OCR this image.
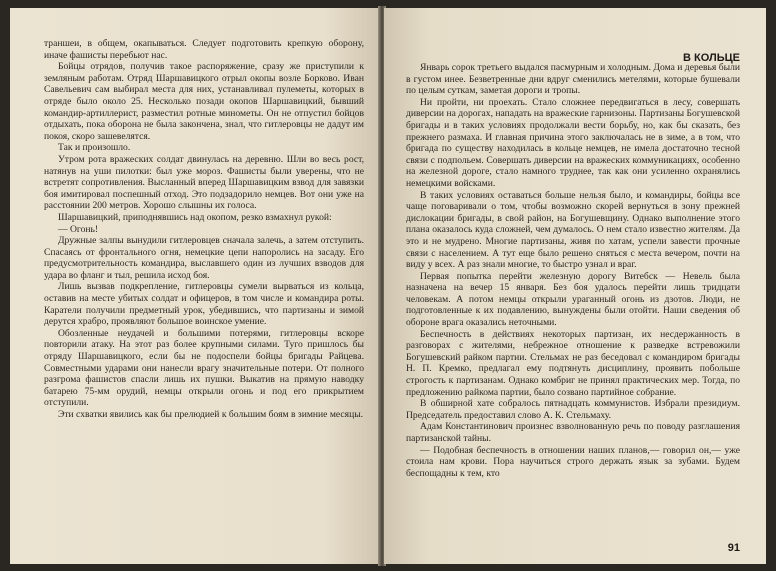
траншеи, в общем, окапываться. Следует подготовить крепкую оборону, иначе фашисты перебьют нас.

Бойцы отрядов, получив такое распоряжение, сразу же приступили к земляным работам. Отряд Шаршавицкого отрыл окопы возле Борково. Иван Савельевич сам выбирал места для них, устанавливал пулеметы, которых в отряде было около 25. Несколько позади окопов Шаршавицкий, бывший командир-артиллерист, разместил ротные минометы. Он не отпустил бойцов отдыхать, пока оборона не была закончена, знал, что гитлеровцы не дадут им покоя, скоро зашевелятся.

Так и произошло.

Утром рота вражеских солдат двинулась на деревню. Шли во весь рост, натянув на уши пилотки: был уже мороз. Фашисты были уверены, что не встретят сопротивления. Высланный вперед Шаршавицким взвод для завязки боя имитировал поспешный отход. Это подзадорило немцев. Вот они уже на расстоянии 200 метров. Хорошо слышны их голоса.

Шаршавицкий, приподнявшись над окопом, резко взмахнул рукой:

— Огонь!

Дружные залпы вынудили гитлеровцев сначала залечь, а затем отступить. Спасаясь от фронтального огня, немецкие цепи напоролись на засаду. Его предусмотрительность командира, выславшего один из лучших взводов для удара во фланг и тыл, решила исход боя.

Лишь вызвав подкрепление, гитлеровцы сумели вырваться из кольца, оставив на месте убитых солдат и офицеров, в том числе и командира роты. Каратели получили предметный урок, убедившись, что партизаны и зимой дерутся храбро, проявляют большое воинское умение.

Обозленные неудачей и большими потерями, гитлеровцы вскоре повторили атаку. На этот раз более крупными силами. Туго пришлось бы отряду Шаршавицкого, если бы не подоспели бойцы бригады Райцева. Совместными ударами они нанесли врагу значительные потери. От полного разгрома фашистов спасли лишь их пушки. Выкатив на прямую наводку батарею 75-мм орудий, немцы открыли огонь и под его прикрытием отступили.

Эти схватки явились как бы прелюдией к большим боям в зимние месяцы.

В КОЛЬЦЕ

Январь сорок третьего выдался пасмурным и холодным. Дома и деревья были в густом инее. Безветренные дни вдруг сменились метелями, которые бушевали по целым суткам, заметая дороги и тропы.

Ни пройти, ни проехать. Стало сложнее передвигаться в лесу, совершать диверсии на дорогах, нападать на вражеские гарнизоны. Партизаны Богушевской бригады и в таких условиях продолжали вести борьбу, но, как бы сказать, без прежнего размаха. И главная причина этого заключалась не в зиме, а в том, что бригада по существу находилась в кольце немцев, не имела достаточно тесной связи с подпольем. Совершать диверсии на вражеских коммуникациях, особенно на железной дороге, стало намного труднее, так как они усиленно охранялись немецкими войсками.

В таких условиях оставаться больше нельзя было, и командиры, бойцы все чаще поговаривали о том, чтобы возможно скорей вернуться в зону прежней дислокации бригады, в свой район, на Богушевщину. Однако выполнение этого плана оказалось куда сложней, чем думалось. О нем стало известно жителям. Да это и не мудрено. Многие партизаны, живя по хатам, успели завести прочные связи с населением. А тут еще было решено сняться с места вечером, почти на виду у всех. А раз знали многие, то быстро узнал и враг.

Первая попытка перейти железную дорогу Витебск — Невель была назначена на вечер 15 января. Без боя удалось перейти лишь тридцати человекам. А потом немцы открыли ураганный огонь из дзотов. Люди, не подготовленные к их подавлению, вынуждены были отойти. Наши сведения об обороне врага оказались неточными.

Беспечность в действиях некоторых партизан, их несдержанность в разговорах с жителями, небрежное отношение к разведке встревожили Богушевский райком партии. Стельмах не раз беседовал с командиром бригады Н. П. Кремко, предлагал ему подтянуть дисциплину, проявить побольше строгость к партизанам. Однако комбриг не принял практических мер. Тогда, по предложению райкома партии, было созвано партийное собрание.

В обширной хате собралось пятнадцать коммунистов. Избрали президиум. Председатель предоставил слово А. К. Стельмаху.

Адам Константинович произнес взволнованную речь по поводу разглашения партизанской тайны.

— Подобная беспечность в отношении наших планов,— говорил он,— уже стоила нам крови. Пора научиться строго держать язык за зубами. Будем беспощадны к тем, кто

91
